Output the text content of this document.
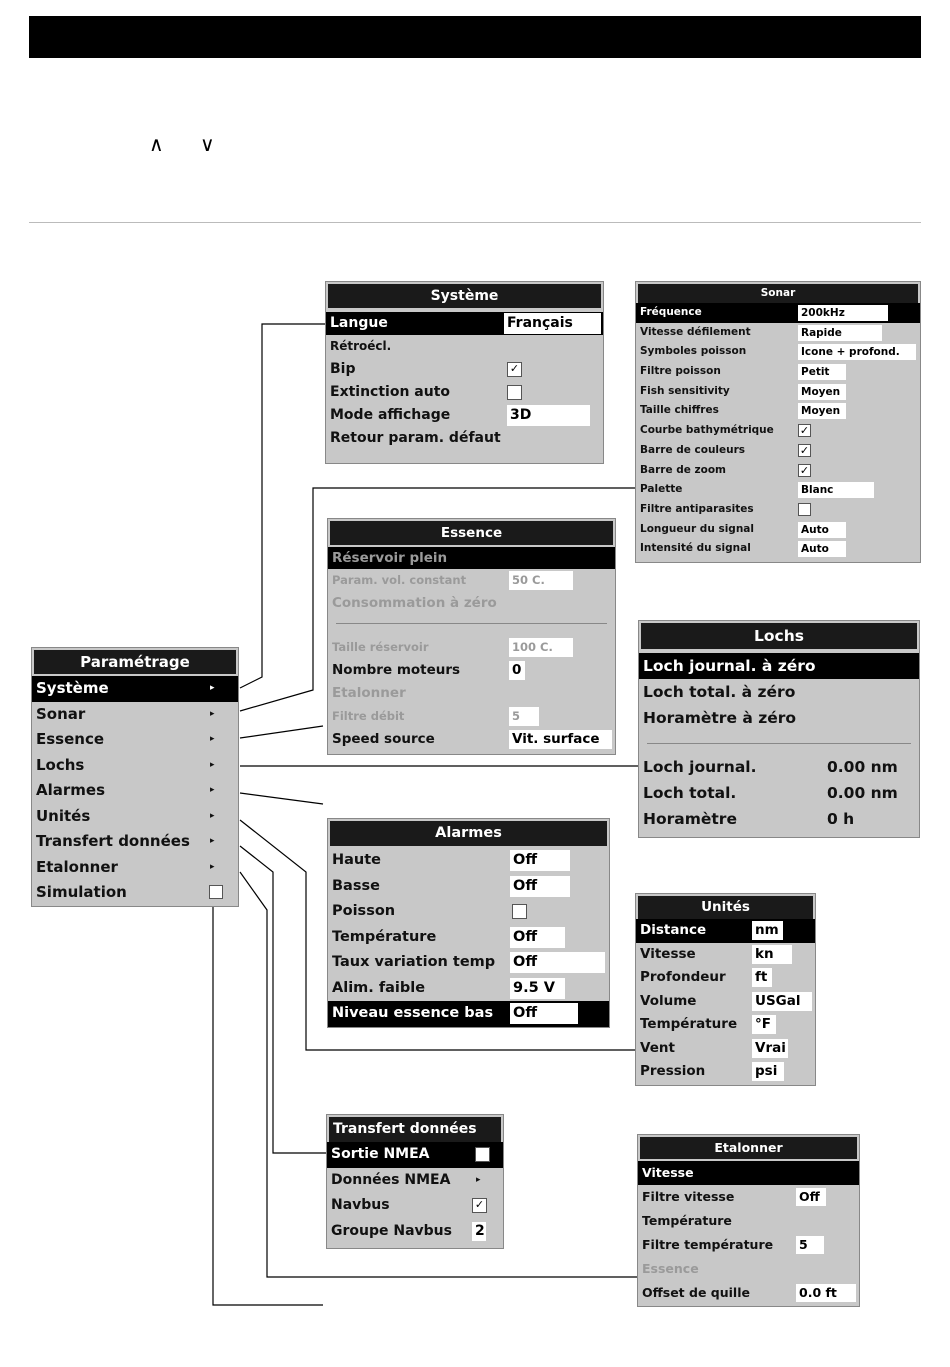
∧ ∨
Paramétrage
Système	▸
Sonar	▸
Essence	▸
Lochs	▸
Alarmes	▸
Unités	▸
Transfert données ▸
Etalonner	▸
Simulation
Système
Langue	Français
Rétroécl.
Bip	✓
Extinction auto
Mode affichage	3D
Retour param. défaut
Sonar
Fréquence	200kHz
Vitesse défilement	Rapide
Symboles poisson	Icone + profond.
Filtre poisson	Petit
Fish sensitivity	Moyen
Taille chiffres	Moyen
Courbe bathymétrique ✓
Barre de couleurs	✓
Barre de zoom	✓
Palette	Blanc
Filtre antiparasites
Longueur du signal	Auto
Intensité du signal	Auto
Essence
Réservoir plein
Param. vol. constant	50 C.
Consommation à zéro
Taille réservoir	100 C.
Nombre moteurs	0
Etalonner
Filtre débit	5
Speed source	Vit. surface
Lochs
Loch journal. à zéro
Loch total. à zéro
Horamètre à zéro
Loch journal.	0.00 nm
Loch total.	0.00 nm
Horamètre	0 h
Alarmes
Haute	Off
Basse	Off
Poisson
Température	Off
Taux variation temp Off
Alim. faible	9.5 V
Niveau essence bas Off
Unités
Distance	nm
Vitesse	kn
Profondeur ft
Volume	USGal
Température °F
Vent	Vrai
Pression	psi
Transfert données
Sortie NMEA
Données NMEA	▸
Navbus	✓
Groupe Navbus 2
Etalonner
Vitesse
Filtre vitesse	Off
Température
Filtre température 5
Essence
Offset de quille	0.0 ft
